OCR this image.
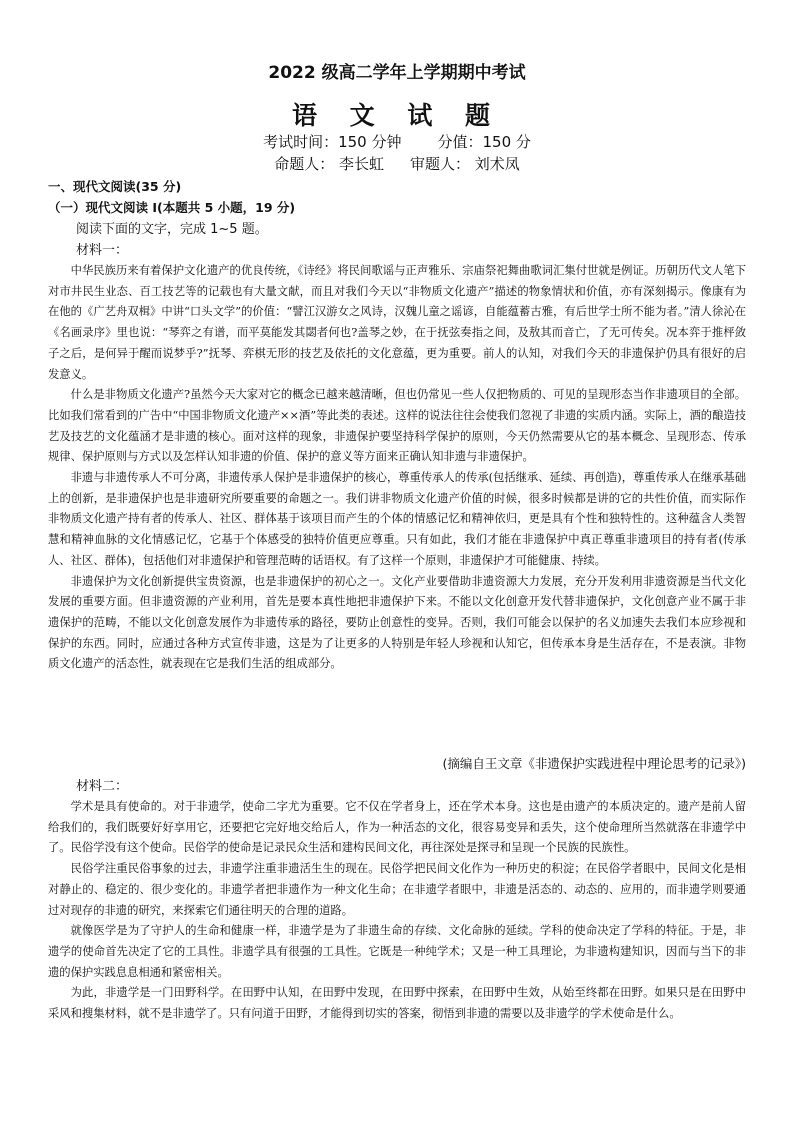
2022 级高二学年上学期期中考试
语 文 试 题
考试时间：150 分钟 分值：150 分
命题人： 李长虹 审题人： 刘术凤
一、现代文阅读(35 分)
（一）现代文阅读 I(本题共 5 小题，19 分)
阅读下面的文字，完成 1~5 题。
材料一：

中华民族历来有着保护文化遗产的优良传统，《诗经》将民间歌谣与正声雅乐、宗庙祭祀舞曲歌词汇集付世就是例证。历朝历代文人笔下对市井民生业态、百工技艺等的记载也有大量文献，而且对我们今天以“非物质文化遗产”描述的物象情状和价值，亦有深刻揭示。像康有为在他的《广艺舟双楫》中讲“口头文学”的价值：“譬江汉游女之风诗，汉魏儿童之谣谚，自能蕴蓄古雅，有后世学士所不能为者。”清人徐沁在《名画录序》里也说：“琴弈之有谱，而平莫能发其閟者何也?盖琴之妙，在于抚弦奏指之间，及敖其而音亡，了无可传矣。况本弈于推枰敛子之后，是何异于醒而说梦乎?”抚琴、弈棋无形的技艺及依托的文化意蕴，更为重要。前人的认知，对我们今天的非遗保护仍具有很好的启发意义。

什么是非物质文化遗产?虽然今天大家对它的概念已越来越清晰，但也仍常见一些人仅把物质的、可见的呈现形态当作非遗项目的全部。比如我们常看到的广告中“中国非物质文化遗产××酒”等此类的表述。这样的说法往往会使我们忽视了非遗的实质内涵。实际上，酒的酿造技艺及技艺的文化蕴涵才是非遗的核心。面对这样的现象，非遗保护要坚持科学保护的原则，今天仍然需要从它的基本概念、呈现形态、传承规律、保护原则与方式以及怎样认知非遗的价值、保护的意义等方面来正确认知非遗与非遗保护。

非遗与非遗传承人不可分离，非遗传承人保护是非遗保护的核心，尊重传承人的传承(包括继承、延续、再创造)，尊重传承人在继承基础上的创新，是非遗保护也是非遗研究所要重要的命题之一。我们讲非物质文化遗产价值的时候，很多时候都是讲的它的共性价值，而实际作非物质文化遗产持有者的传承人、社区、群体基于该项目而产生的个体的情感记忆和精神依归，更是具有个性和独特性的。这种蕴含人类智慧和精神血脉的文化情感记忆，它基于个体感受的独特价值更应尊重。只有如此，我们才能在非遗保护中真正尊重非遗项目的持有者(传承人、社区、群体)，包括他们对非遗保护和管理范畴的话语权。有了这样一个原则，非遗保护才可能健康、持续。

非遗保护为文化创新提供宝贵资源，也是非遗保护的初心之一。文化产业要借助非遗资源大力发展，充分开发利用非遗资源是当代文化发展的重要方面。但非遗资源的产业利用，首先是要本真性地把非遗保护下来。不能以文化创意开发代替非遗保护，文化创意产业不属于非遗保护的范畴，不能以文化创意发展作为非遗传承的路径，要防止创意性的变异。否则，我们可能会以保护的名义加速失去我们本应珍视和保护的东西。同时，应通过各种方式宣传非遗，这是为了让更多的人特别是年轻人珍视和认知它，但传承本身是生活存在，不是表演。非物质文化遗产的活态性，就表现在它是我们生活的组成部分。

(摘编自王文章《非遗保护实践进程中理论思考的记录》)
材料二：

学术是具有使命的。对于非遗学，使命二字尤为重要。它不仅在学者身上，还在学术本身。这也是由遗产的本质决定的。遗产是前人留给我们的，我们既要好好享用它，还要把它完好地交给后人，作为一种活态的文化，很容易变异和丢失，这个使命理所当然就落在非遗学中了。民俗学没有这个使命。民俗学的使命是记录民众生活和建构民间文化，再往深处是探寻和呈现一个民族的民族性。

民俗学注重民俗事象的过去，非遗学注重非遗活生生的现在。民俗学把民间文化作为一种历史的积淀；在民俗学者眼中，民间文化是相对静止的、稳定的、很少变化的。非遗学者把非遗作为一种文化生命；在非遗学者眼中，非遗是活态的、动态的、应用的，而非遗学则要通过对现存的非遗的研究，来探索它们通往明天的合理的道路。

就像医学是为了守护人的生命和健康一样，非遗学是为了非遗生命的存续、文化命脉的延续。学科的使命决定了学科的特征。于是，非遗学的使命首先决定了它的工具性。非遗学具有很强的工具性。它既是一种纯学术；又是一种工具理论，为非遗构建知识，因而与当下的非遗的保护实践息息相通和紧密相关。

为此，非遗学是一门田野科学。在田野中认知，在田野中发现，在田野中探索，在田野中生效，从始至终都在田野。如果只是在田野中采风和搜集材料，就不是非遗学了。只有问道于田野，才能得到切实的答案，彻悟到非遗的需要以及非遗学的学术使命是什么。
